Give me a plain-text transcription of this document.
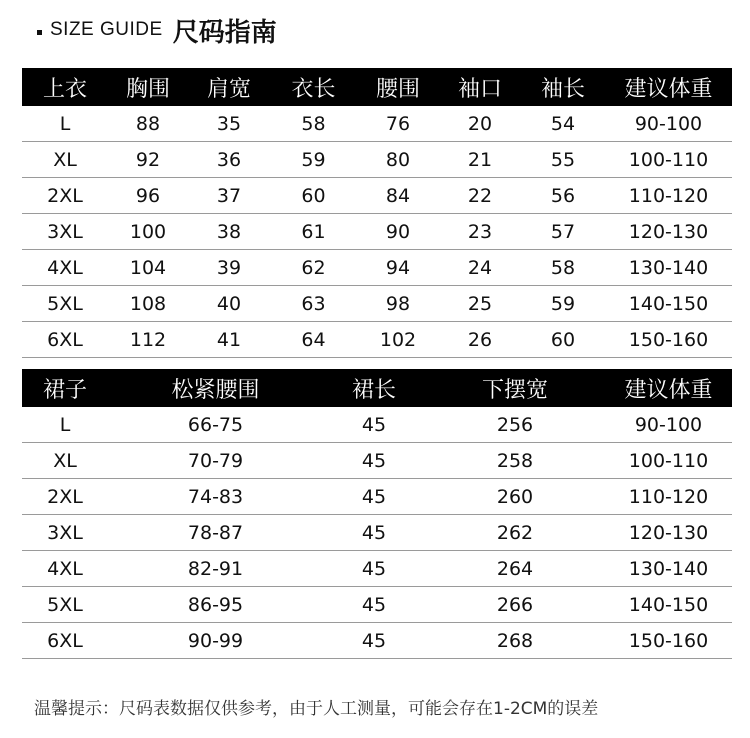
SIZE GUIDE 尺码指南
上衣	胸围	肩宽	衣长	腰围	袖口	袖长	建议体重
L	88	35	58	76	20	54	90-100
XL	92	36	59	80	21	55	100-110
2XL	96	37	60	84	22	56	110-120
3XL	100	38	61	90	23	57	120-130
4XL	104	39	62	94	24	58	130-140
5XL	108	40	63	98	25	59	140-150
6XL	112	41	64	102	26	60	150-160
裙子	松紧腰围	裙长	下摆宽	建议体重
L	66-75	45	256	90-100
XL	70-79	45	258	100-110
2XL	74-83	45	260	110-120
3XL	78-87	45	262	120-130
4XL	82-91	45	264	130-140
5XL	86-95	45	266	140-150
6XL	90-99	45	268	150-160
温馨提示：尺码表数据仅供参考，由于人工测量，可能会存在1-2CM的误差
